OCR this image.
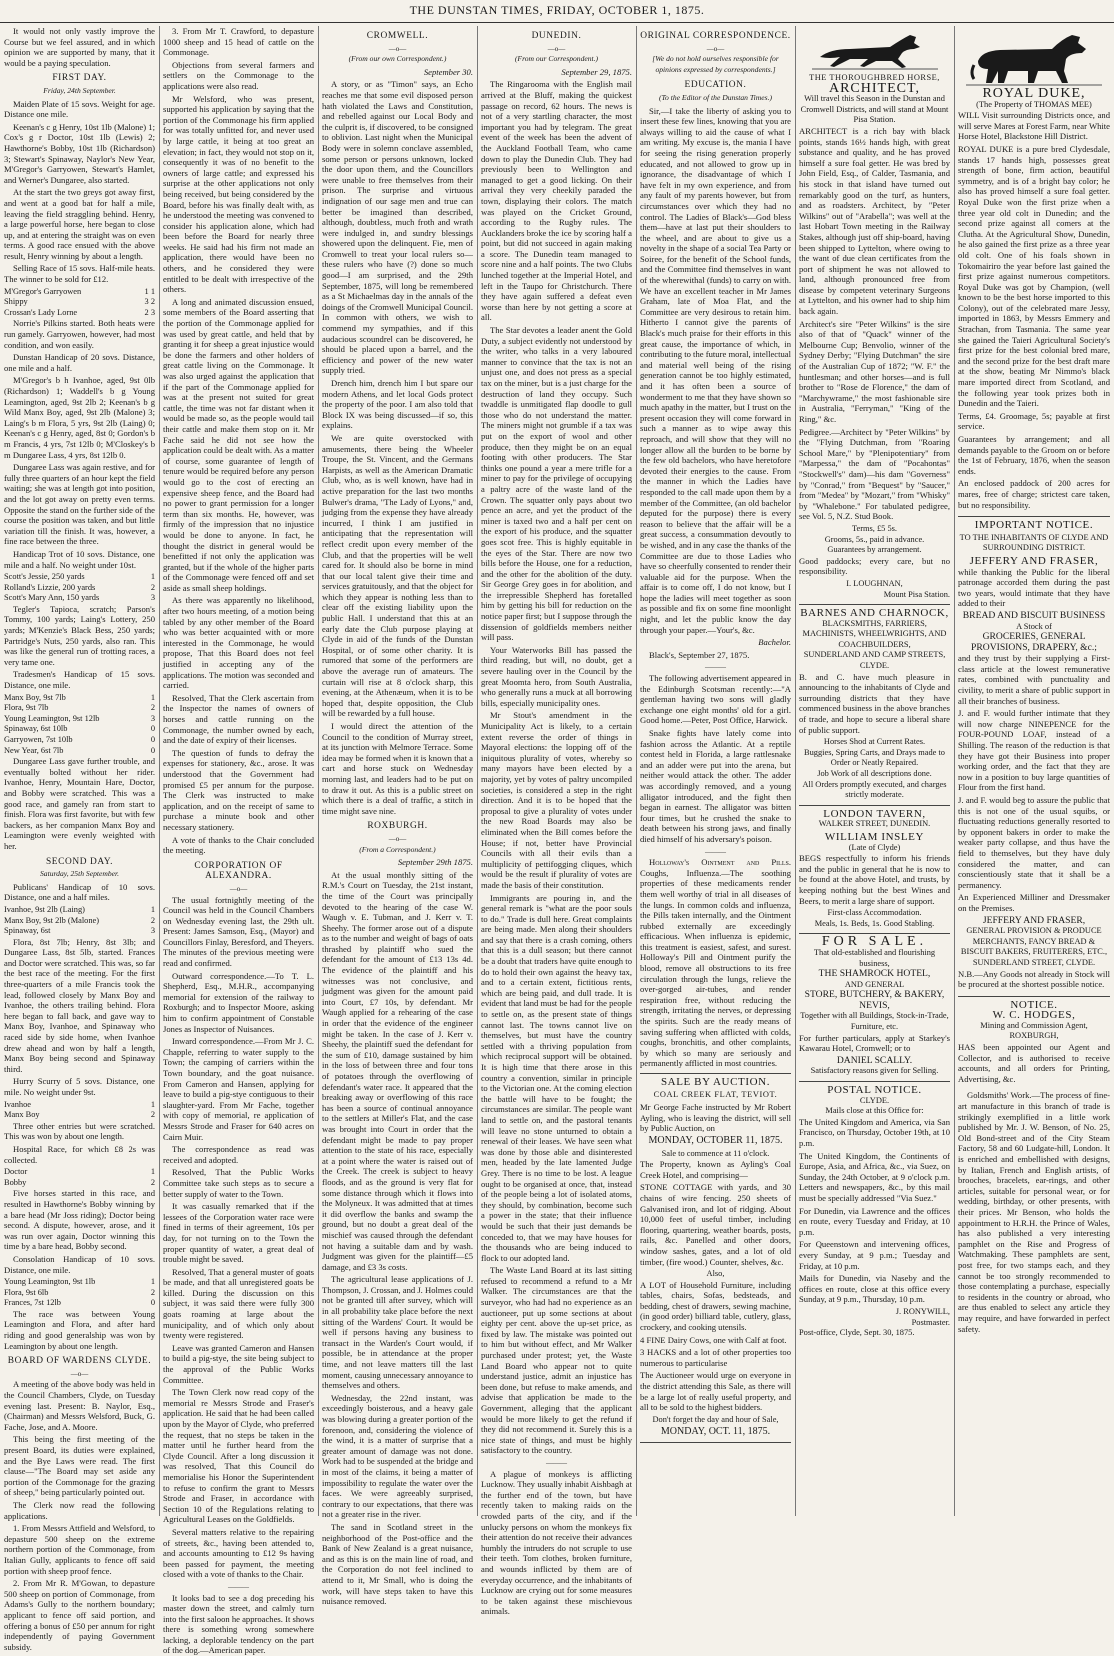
THE DUNSTAN TIMES, FRIDAY, OCTOBER 1, 1875.

It would not only vastly improve the Course but we feel assured, and in which opinion we are supported by many, that it would be a paying speculation.

FIRST DAY.
Friday, 24th September.

Maiden Plate of 15 sovs. Weight for age. Distance one mile.

Keenan's c g Henry, 10st 1lb (Malone) 1; Cox's g r Doctor, 10st 1lb (Lewis) 2; Hawthorne's Bobby, 10st 1lb (Richardson) 3; Stewart's Spinaway, Naylor's New Year, M'Gregor's Garryowen, Stewart's Hamlet, and Werner's Dungaree, also started.

At the start the two greys got away first, and went at a good bat for half a mile, leaving the field straggling behind. Henry, a large powerful horse, here began to close up, and at entering the straight was on even terms. A good race ensued with the above result, Henry winning by about a length.

Selling Race of 15 sovs. Half-mile heats. The winner to be sold for £12.

M'Gregor's Garryowen	1 1
Shippy	3 2
Crossan's Lady Lorne	2 3

Norrie's Pilkins started. Both heats were run gamely. Garryowen, however, had most condition, and won easily.

Dunstan Handicap of 20 sovs. Distance, one mile and a half.

M'Gregor's b h Ivanhoe, aged, 9st 0lb (Richardson) 1; Waddell's b g Young Leamington, aged, 9st 2lb 2; Keenan's b g Wild Manx Boy, aged, 9st 2lb (Malone) 3; Laing's b m Flora, 5 yrs, 9st 2lb (Laing) 0; Keenan's c g Henry, aged, 8st 0; Gordon's b m Francis, 4 yrs, 7st 12lb 0; M'Closkey's b m Dungaree Lass, 4 yrs, 8st 12lb 0.

Dungaree Lass was again restive, and for fully three quarters of an hour kept the field waiting; she was at length got into position, and the lot got away on pretty even terms. Opposite the stand on the further side of the course the position was taken, and but little variation till the finish. It was, however, a fine race between the three.

Handicap Trot of 10 sovs. Distance, one mile and a half. No weight under 10st.

Scott's Jessie, 250 yards	1
Rolland's Lizzie, 200 yards	2
Scott's Mary Ann, 150 yards	3

Tegler's Tapioca, scratch; Parson's Tommy, 100 yards; Laing's Lottery, 250 yards; M'Kenzie's Black Bess, 250 yards; Partridge's Nuts, 250 yards, also ran. This was like the general run of trotting races, a very tame one.

Tradesmen's Handicap of 15 sovs. Distance, one mile.

Manx Boy, 9st 7lb	1
Flora, 9st 7lb	2
Young Leamington, 9st 12lb	3
Spinaway, 6st 10lb	0
Garryowen, 7st 10lb	0
New Year, 6st 7lb	0

Dungaree Lass gave further trouble, and eventually bolted without her rider. Ivanhoe, Henry, Mountain Hare, Doctor, and Bobby were scratched. This was a good race, and gamely ran from start to finish. Flora was first favorite, but with few backers, as her companion Manx Boy and Leamington were evenly weighted with her.

SECOND DAY.
Saturday, 25th September.

Publicans' Handicap of 10 sovs. Distance, one and a half miles.

Ivanhoe, 9st 2lb (Laing)	1
Manx Boy, 9st 2lb (Malone)	2
Spinaway, 6st	3

Flora, 8st 7lb; Henry, 8st 3lb; and Dungaree Lass, 8st 5lb, started. Frances and Doctor were scratched. This was, so far the best race of the meeting. For the first three-quarters of a mile Francis took the lead, followed closely by Manx Boy and Ivanhoe, the others trailing behind. Flora here began to fall back, and gave way to Manx Boy, Ivanhoe, and Spinaway who raced side by side home, when Ivanhoe drew ahead and won by half a length, Manx Boy being second and Spinaway third.

Hurry Scurry of 5 sovs. Distance, one mile. No weight under 9st.

Ivanhoe	1
Manx Boy	2

Three other entries but were scratched. This was won by about one length.

Hospital Race, for which £8 2s was collected.

Doctor	1
Bobby	2

Five horses started in this race, and resulted in Hawthorne's Bobby winning by a bare head (Mr Joss riding); Doctor being second. A dispute, however, arose, and it was run over again, Doctor winning this time by a bare head, Bobby second.

Consolation Handicap of 10 sovs. Distance, one mile.

Young Leamington, 9st 1lb	1
Flora, 9st 6lb	2
Frances, 7st 12lb	0

The race was between Young Leamington and Flora, and after hard riding and good generalship was won by Leamington by about one length.

BOARD OF WARDENS CLYDE.
—o—

A meeting of the above body was held in the Council Chambers, Clyde, on Tuesday evening last. Present: B. Naylor, Esq., (Chairman) and Messrs Welsford, Buck, G. Fache, Jose, and A. Moore.

This being the first meeting of the present Board, its duties were explained, and the Bye Laws were read. The first clause—"The Board may set aside any portion of the Commonage for the grazing of sheep," being particularly pointed out.

The Clerk now read the following applications.

1. From Messrs Attfield and Welsford, to depasture 500 sheep on the extreme northern portion of the Commonage, from Italian Gully, applicants to fence off said portion with sheep proof fence.

2. From Mr R. M'Gowan, to depasture 500 sheep on portion of Commonage, from Adams's Gully to the northern boundary; applicant to fence off said portion, and offering a bonus of £50 per annum for right independently of paying Government subsidy.

3. From Mr T. Crawford, to depasture 1000 sheep and 15 head of cattle on the Commonage.

Objections from several farmers and settlers on the Commonage to the applications were also read.

Mr Welsford, who was present, supported his application by saying that the portion of the Commonage his firm applied for was totally unfitted for, and never used by large cattle, it being at too great an elevation; in fact, they would not stop on it, consequently it was of no benefit to the owners of large cattle; and expressed his surprise at the other applications not only being received, but being considered by the Board, before his was finally dealt with, as he understood the meeting was convened to consider his application alone, which had been before the Board for nearly three weeks. He said had his firm not made an application, there would have been no others, and he considered they were entitled to be dealt with irrespective of the others.

A long and animated discussion ensued, some members of the Board asserting that the portion of the Commonage applied for was used by great cattle, and held that by granting it for sheep a great injustice would be done the farmers and other holders of great cattle living on the Commonage. It was also urged against the application that if the part of the Commonage applied for was at the present not suited for great cattle, the time was not far distant when it would be made so, as the people would tail their cattle and make them stop on it. Mr Fache said he did not see how the application could be dealt with. As a matter of course, some guarantee of length of tenure would be required before any person would go to the cost of erecting an expensive sheep fence, and the Board had no power to grant permission for a longer term than six months. He, however, was firmly of the impression that no injustice would be done to anyone. In fact, he thought the district in general would be benefitted if not only the application was granted, but if the whole of the higher parts of the Commonage were fenced off and set aside as small sheep holdings.

As there was apparently no likelihood, after two hours meeting, of a motion being tabled by any other member of the Board who was better acquainted with or more interested in the Commonage, he would propose, That this Board does not feel justified in accepting any of the applications. The motion was seconded and carried.

Resolved, That the Clerk ascertain from the Inspector the names of owners of horses and cattle running on the Commonage, the number owned by each, and the date of expiry of their licenses.

The question of funds to defray the expenses for stationery, &c., arose. It was understood that the Government had promised £5 per annum for the purpose. The Clerk was instructed to make application, and on the receipt of same to purchase a minute book and other necessary stationery.

A vote of thanks to the Chair concluded the meeting.

CORPORATION OF ALEXANDRA.
—o—

The usual fortnightly meeting of the Council was held in the Council Chambers on Wednesday evening last, the 29th ult. Present: James Samson, Esq., (Mayor) and Councillors Finlay, Beresford, and Theyers. The minutes of the previous meeting were read and confirmed.

Outward correspondence.—To T. L. Shepherd, Esq., M.H.R., accompanying memorial for extension of the railway to Roxburgh; and to Inspector Moore, asking him to confirm appointment of Constable Jones as Inspector of Nuisances.

Inward correspondence.—From Mr J. C. Chapple, referring to water supply to the Town; the camping of carriers within the Town boundary, and the goat nuisance. From Cameron and Hansen, applying for leave to build a pig-stye contiguous to their slaughter-yard. From Mr Fache, together with copy of memorial, re application of Messrs Strode and Fraser for 640 acres on Cairn Muir.

The correspondence as read was received and adopted.

Resolved, That the Public Works Committee take such steps as to secure a better supply of water to the Town.

It was casually remarked that if the lessees of the Corporation water race were fined in terms of their agreement, 10s per day, for not turning on to the Town the proper quantity of water, a great deal of trouble might be saved.

Resolved, That a general muster of goats be made, and that all unregistered goats be killed. During the discussion on this subject, it was said there were fully 300 goats roaming at large about the municipality, and of which only about twenty were registered.

Leave was granted Cameron and Hansen to build a pig-stye, the site being subject to the approval of the Public Works Committee.

The Town Clerk now read copy of the memorial re Messrs Strode and Fraser's application. He said that he had been called upon by the Mayor of Clyde, who preferred the request, that no steps be taken in the matter until he further heard from the Clyde Council. After a long discussion it was resolved, That this Council do memorialise his Honor the Superintendent to refuse to confirm the grant to Messrs Strode and Fraser, in accordance with Section 10 of the Regulations relating to Agricultural Leases on the Goldfields.

Several matters relative to the repairing of streets, &c., having been attended to, and accounts amounting to £12 9s having been passed for payment, the meeting closed with a vote of thanks to the Chair.

———

It looks bad to see a dog preceding his master down the street, and calmly turn into the first saloon he approaches. It shows there is something wrong somewhere lacking, a deplorable tendency on the part of the dog.—American paper.

CROMWELL.
—o—
(From our own Correspondent.)
September 30.

A story, or as "Timon" says, an Echo reaches me that some evil disposed person hath violated the Laws and Constitution, and rebelled against our Local Body and the culprit is, if discovered, to be consigned to oblivion. Last night when the Municipal Body were in solemn conclave assembled, some person or persons unknown, locked the door upon them, and the Councillors were unable to free themselves from their prison. The surprise and virtuous indignation of our sage men and true can better be imagined than described, although, doubtless, much froth and wrath were indulged in, and sundry blessings showered upon the delinquent. Fie, men of Cromwell to treat your local rulers so—these rulers who have (?) done so much good—I am surprised, and the 29th September, 1875, will long be remembered as a St Michaelmas day in the annals of the doings of the Cromwell Municipal Council. In common with others, we wish to commend my sympathies, and if this audacious scoundrel can be discovered, he should be placed upon a barrel, and the efficiency and power of the new water supply tried.

Drench him, drench him I but spare our modern Athens, and let local Gods protect the property of the poor. I am also told that Block IX was being discussed—if so, this explains.

We are quite overstocked with amusements, there being the Wheeler Troupe, the St. Vincent, and the Germans Harpists, as well as the American Dramatic Club, who, as is well known, have had in active preparation for the last two months Bulwer's drama, "The Lady of Lyons," and, judging from the expense they have already incurred, I think I am justified in anticipating that the representation will reflect credit upon every member of the Club, and that the properties will be well cared for. It should also be borne in mind that our local talent give their time and services gratuitously, and that the object for which they appear is nothing less than to clear off the existing liability upon the public Hall. I understand that this at an early date the Club purpose playing at Clyde in aid of the funds of the Dunstan Hospital, or of some other charity. It is rumored that some of the performers are above the average run of amateurs. The curtain will rise at 8 o'clock sharp, this evening, at the Athenæum, when it is to be hoped that, despite opposition, the Club will be rewarded by a full house.

I would direct the attention of the Council to the condition of Murray street, at its junction with Melmore Terrace. Some idea may be formed when it is known that a cart and horse stuck on Wednesday morning last, and leaders had to be put on to draw it out. As this is a public street on which there is a deal of traffic, a stitch in time might save nine.

ROXBURGH.
—o—
(From a Correspondent.)
September 29th 1875.

At the usual monthly sitting of the R.M.'s Court on Tuesday, the 21st instant, the time of the Court was principally devoted to the hearing of the case W. Waugh v. E. Tubman, and J. Kerr v. T. Sheehy. The former arose out of a dispute as to the number and weight of bags of oats thrashed by plaintiff who sued the defendant for the amount of £13 13s 4d. The evidence of the plaintiff and his witnesses was not conclusive, and judgment was given for the amount paid into Court, £7 10s, by defendant. Mr Waugh applied for a rehearing of the case in order that the evidence of the engineer might be taken. In the case of J. Kerr v. Sheehy, the plaintiff sued the defendant for the sum of £10, damage sustained by him in the loss of between three and four tons of potatoes through the overflowing of defendant's water race. It appeared that the breaking away or overflowing of this race has been a source of continual annoyance to the settlers at Miller's Flat, and the case was brought into Court in order that the defendant might be made to pay proper attention to the state of his race, especially at a point where the water is raised out of the Creek. The creek is subject to heavy floods, and as the ground is very flat for some distance through which it flows into the Molyneux. It was admitted that at times it did overflow the banks and swamp the ground, but no doubt a great deal of the mischief was caused through the defendant not having a suitable dam and by wash. Judgment was given for the plaintiff—£5 damage, and £3 3s costs.

The agricultural lease applications of J. Thompson, J. Crossan, and J. Holmes could not be granted till after survey, which will in all probability take place before the next sitting of the Wardens' Court. It would be well if persons having any business to transact in the Warden's Court would, if possible, be in attendance at the proper time, and not leave matters till the last moment, causing unnecessary annoyance to themselves and others.

Wednesday, the 22nd instant, was exceedingly boisterous, and a heavy gale was blowing during a greater portion of the forenoon, and, considering the violence of the wind, it is a matter of surprise that a greater amount of damage was not done. Work had to be suspended at the bridge and in most of the claims, it being a matter of impossibility to regulate the water over the faces. We were agreeably surprised, contrary to our expectations, that there was not a greater rise in the river.

The sand in Scotland street in the neighborhood of the Post-office and the Bank of New Zealand is a great nuisance, and as this is on the main line of road, and the Corporation do not feel inclined to attend to it, Mr Small, who is doing the work, will have steps taken to have this nuisance removed.

DUNEDIN.
—o—
(From our Correspondent.)
September 29, 1875.

The Ringarooma with the English mail arrived at the Bluff, making the quickest passage on record, 62 hours. The news is not of a very startling character, the most important you had by telegram. The great event of the week has been the advent of the Auckland Football Team, who came down to play the Dunedin Club. They had previously been to Wellington and managed to get a good licking. On their arrival they very cheekily paraded the town, displaying their colors. The match was played on the Cricket Ground, according to the Rugby rules. The Aucklanders broke the ice by scoring half a point, but did not succeed in again making a score. The Dunedin team managed to score nine and a half points. The two Clubs lunched together at the Imperial Hotel, and left in the Taupo for Christchurch. There they have again suffered a defeat even worse than here by not getting a score at all.

The Star devotes a leader anent the Gold Duty, a subject evidently not understood by the writer, who talks in a very laboured manner to convince that the tax is not an unjust one, and does not press as a special tax on the miner, but is a just charge for the destruction of land they occupy. Such twaddle is unmitigated flap doodle to gull those who do not understand the matter. The miners might not grumble if a tax was put on the export of wool and other produce, then they might be on an equal footing with other producers. The Star thinks one pound a year a mere trifle for a miner to pay for the privilege of occupying a paltry acre of the waste land of the Crown. The squatter only pays about two pence an acre, and yet the product of the miner is taxed two and a half per cent on the export of his produce, and the squatter goes scot free. This is highly equitable in the eyes of the Star. There are now two bills before the House, one for a reduction, and the other for the abolition of the duty. Sir George Grey goes in for abolition, and the irrepressible Shepherd has foretalled him by getting his bill for reduction on the notice paper first; but I suppose through the dissension of goldfields members neither will pass.

Your Waterworks Bill has passed the third reading, but will, no doubt, get a severe hauling over in the Council by the great Moomta hero, from South Australia, who generally runs a muck at all borrowing bills, especially municipality ones.

Mr Stout's amendment in the Municipality Act is likely, to a certain extent reverse the order of things in Mayoral elections: the lopping off of the iniquitous plurality of votes, whereby so many mayors have been elected by a majority, yet by votes of paltry uncompiled societies, is considered a step in the right direction. And it is to be hoped that the proposal to give a plurality of votes under the new Road Boards may also be eliminated when the Bill comes before the House; if not, better have Provincial Councils with all their evils than a multiplicity of pettifogging cliques, which would be the result if plurality of votes are made the basis of their constitution.

Immigrants are pouring in, and the general remark is "what are the poor souls to do." Trade is dull here. Great complaints are being made. Men along their shoulders and say that there is a crash coming, others that this is a dull season; but there cannot be a doubt that traders have quite enough to do to hold their own against the heavy tax, and to a certain extent, fictitious rents, which are being paid, and dull trade. It is evident that land must be had for the people to settle on, as the present state of things cannot last. The towns cannot live on themselves, but must have the country settled with a thriving population from which reciprocal support will be obtained. It is high time that there arose in this country a convention, similar in principle to the Victorian one. At the coming election the battle will have to be fought; the circumstances are similar. The people want land to settle on, and the pastoral tenants will leave no stone unturned to obtain a renewal of their leases. We have seen what was done by those able and disinterested men, headed by the late lamented Judge Grey. There is no time to be lost. A league ought to be organised at once, that, instead of the people being a lot of isolated atoms, they should, by combination, become such a power in the state; that their influence would be such that their just demands be conceded to, that we may have houses for the thousands who are being induced to flock to our adopted land.

The Waste Land Board at its last sitting refused to recommend a refund to a Mr Walker. The circumstances are that the surveyor, who had had no experience as an auctioneer, put up some sections at about eighty per cent. above the up-set price, as fixed by law. The mistake was pointed out to him but without effect, and Mr Walker purchased under protest; yet, the Waste Land Board who appear not to quite understand justice, admit an injustice has been done, but refuse to make amends, and advise that application be made to the Government, alleging that the applicant would be more likely to get the refund if they did not recommend it. Surely this is a nice state of things, and must be highly satisfactory to the country.

———

A plague of monkeys is afflicting Lucknow. They usually inhabit Aishbagh at the further end of the town, but have recently taken to making raids on the crowded parts of the city, and if the unlucky persons on whom the monkeys fix their attention do not receive their advances humbly the intruders do not scruple to use their teeth. Tom clothes, broken furniture, and wounds inflicted by them are of everyday occurrence, and the inhabitants of Lucknow are crying out for some measures to be taken against these mischievous animals.

ORIGINAL CORRESPONDENCE.
—o—
[We do not hold ourselves responsible for opinions expressed by correspondents.]
EDUCATION.
(To the Editor of the Dunstan Times.)

Sir,—I take the liberty of asking you to insert these few lines, knowing that you are always willing to aid the cause of what I am writing. My excuse is, the mania I have for seeing the rising generation properly educated, and not allowed to grow up in ignorance, the disadvantage of which I have felt in my own experience, and from any fault of my parents however, but from circumstances over which they had no control. The Ladies of Black's—God bless them—have at last put their shoulders to the wheel, and are about to give us a novelty in the shape of a social Tea Party or Soiree, for the benefit of the School funds, and the Committee find themselves in want of the wherewithal (funds) to carry on with. We have an excellent teacher in Mr James Graham, late of Moa Flat, and the Committee are very desirous to retain him. Hitherto I cannot give the parents of Black's much praise for their efforts in this great cause, the importance of which, in contributing to the future moral, intellectual and material well being of the rising generation cannot be too highly estimated, and it has often been a source of wonderment to me that they have shown so much apathy in the matter, but I trust on the present occasion they will come forward in such a manner as to wipe away this reproach, and will show that they will no longer allow all the burden to be borne by the few old bachelors, who have heretofore devoted their energies to the cause. From the manner in which the Ladies have responded to the call made upon them by a member of the Committee, (an old bachelor deputed for the purpose) there is every reason to believe that the affair will be a great success, a consummation devoutly to be wished, and in any case the thanks of the Committee are due to those Ladies who have so cheerfully consented to render their valuable aid for the purpose. When the affair is to come off, I do not know, but I hope the ladies will meet together as soon as possible and fix on some fine moonlight night, and let the public know the day through your paper.—Your's, &c.

Bachelor.

Black's, September 27, 1875.

———

The following advertisement appeared in the Edinburgh Scotsman recently:—"A gentleman having two sons will gladly exchange one eight months' old for a girl. Good home.—Peter, Post Office, Harwick.

Snake fights have lately come into fashion across the Atlantic. At a reptile contest held in Florida, a large rattlesnake and an adder were put into the arena, but neither would attack the other. The adder was accordingly removed, and a young alligator introduced, and the fight then began in earnest. The alligator was bitten four times, but he crushed the snake to death between his strong jaws, and finally died himself of his adversary's poison.

———

Holloway's Ointment and Pills. Coughs, Influenza.—The soothing properties of these medicaments render them well worthy of trial in all diseases of the lungs. In common colds and influenza, the Pills taken internally, and the Ointment rubbed externally are exceedingly efficacious. When influenza is epidemic, this treatment is easiest, safest, and surest. Holloway's Pill and Ointment purify the blood, remove all obstructions to its free circulation through the lungs, relieve the over-gorged air-tubes, and render respiration free, without reducing the strength, irritating the nerves, or depressing the spirits. Such are the ready means of saving suffering when afflicted with colds, coughs, bronchitis, and other complaints, by which so many are seriously and permanently afflicted in most countries.

SALE BY AUCTION.
COAL CREEK FLAT, TEVIOT.

Mr George Fache instructed by Mr Robert Ayling, who is leaving the district, will sell by Public Auction, on

MONDAY, OCTOBER 11, 1875.
Sale to commence at 11 o'clock.

The Property, known as Ayling's Coal Creek Hotel, and comprising—

STONE COTTAGE with yards, and 30 chains of wire fencing. 250 sheets of Galvanised iron, and lot of ridging. About 10,000 feet of useful timber, including flooring, quartering, weather boards, posts, rails, &c. Panelled and other doors, window sashes, gates, and a lot of old timber, (fire wood.) Counter, shelves, &c.

Also,

A LOT of Household Furniture, including tables, chairs, Sofas, bedsteads, and bedding, chest of drawers, sewing machine, (in good order) billiard table, cutlery, glass, crockery, and cooking utensils.

4 FINE Dairy Cows, one with Calf at foot.

3 HACKS and a lot of other properties too numerous to particularise

The Auctioneer would urge on everyone in the district attending this Sale, as there will be a large lot of really useful property, and all to be sold to the highest bidders.

Don't forget the day and hour of Sale,
MONDAY, OCT. 11, 1875.
THE THOROUGHBRED HORSE,
ARCHITECT,
Will travel this Season in the Dunstan and Cromwell Districts, and will stand at Mount Pisa Station.

ARCHITECT is a rich bay with black points, stands 16½ hands high, with great substance and quality, and he has proved himself a sure foal getter. He was bred by John Field, Esq., of Calder, Tasmania, and his stock in that island have turned out remarkably good on the turf, as hunters, and as roadsters. Architect, by "Peter Wilkins" out of "Arabella"; was well at the last Hobart Town meeting in the Railway Stakes, although just off ship-board, having been shipped to Lyttelton, where owing to the want of due clean certificates from the port of shipment he was not allowed to land, although pronounced free from disease by competent veterinary Surgeons at Lyttelton, and his owner had to ship him back again.

Architect's sire "Peter Wilkins" is the sire also of that of "Quack" winner of the Melbourne Cup; Benvolio, winner of the Sydney Derby; "Flying Dutchman" the sire of the Australian Cup of 1872; "W. F." the huntlesman; and other horses—and is full brother to "Rose de Florence," the dam of "Marchywrame," the most fashionable sire in Australia, "Ferryman," "King of the Ring," &c.

Pedigree.—Architect by "Peter Wilkins" by the "Flying Dutchman, from "Roaring School Mare," by "Plenipotentiary" from "Marpessa," the dam of "Pocahontas" "Stockwell's" dam)—his dam "Governess" by "Conrad," from "Bequest" by "Saucer," from "Medea" by "Mozart," from "Whisky" by "Whalebone." For tabulated pedigree, see Vol. 5, N.Z. Stud Book.

Terms, £5 5s.
Grooms, 5s., paid in advance.
Guarantees by arrangement.

Good paddocks; every care, but no responsibility.

I. LOUGHNAN,
Mount Pisa Station.
BARNES AND CHARNOCK,
BLACKSMITHS, FARRIERS, MACHINISTS, WHEELWRIGHTS, AND COACHBUILDERS,
SUNDERLAND AND CAMP STREETS, CLYDE.

B. and C. have much pleasure in announcing to the inhabitants of Clyde and surrounding districts that they have commenced business in the above branches of trade, and hope to secure a liberal share of public support.

Horses Shod at Current Rates.
Buggies, Spring Carts, and Drays made to Order or Neatly Repaired.
Job Work of all descriptions done.
All Orders promptly executed, and charges strictly moderate.
LONDON TAVERN,
WALKER STREET, DUNEDIN.
WILLIAM INSLEY
(Late of Clyde)

BEGS respectfully to inform his friends and the public in general that he is now to be found at the above Hotel, and trusts, by keeping nothing but the best Wines and Beers, to merit a large share of support.

First-class Accommodation.
Meals, 1s. Beds, 1s. Good Stabling.
FOR SALE.
That old-established and flourishing business,
THE SHAMROCK HOTEL,
AND GENERAL
STORE, BUTCHERY, & BAKERY, NEVIS,
Together with all Buildings, Stock-in-Trade, Furniture, etc.

For further particulars, apply at Starkey's Kawarau Hotel, Cromwell; or to

DANIEL SCALLY.
Satisfactory reasons given for Selling.
POSTAL NOTICE.
CLYDE.
Mails close at this Office for:

The United Kingdom and America, via San Francisco, on Thursday, October 19th, at 10 p.m.

The United Kingdom, the Continents of Europe, Asia, and Africa, &c., via Suez, on Sunday, the 24th October, at 9 o'clock p.m. Letters and newspapers, &c., by this mail must be specially addressed "Via Suez."

For Dunedin, via Lawrence and the offices en route, every Tuesday and Friday, at 10 p.m.

For Queenstown and intervening offices, every Sunday, at 9 p.m.; Tuesday and Friday, at 10 p.m.

Mails for Dunedin, via Naseby and the offices en route, close at this office every Sunday, at 9 p.m., Thursday, 10 p.m.

J. RONYWILL,
Postmaster.
Post-office, Clyde, Sept. 30, 1875.
ROYAL DUKE,
(The Property of THOMAS MEE)

WILL Visit surrounding Districts once, and will serve Mares at Forest Farm, near White Horse Hotel, Blackstone Hill District.

ROYAL DUKE is a pure bred Clydesdale, stands 17 hands high, possesses great strength of bone, firm action, beautiful symmetry, and is of a bright bay color; he also has proved himself a sure foal getter. Royal Duke won the first prize when a three year old colt in Dunedin; and the second prize against all comers at the Clutha. At the Agricultural Show, Dunedin, he also gained the first prize as a three year old colt. One of his foals shown in Tokomairiro the year before last gained the first prize against numerous competitors. Royal Duke was got by Champion, (well known to be the best horse imported to this Colony), out of the celebrated mare Jessy, imported in 1863, by Messrs Emmery and Strachan, from Tasmania. The same year she gained the Taieri Agricultural Society's first prize for the best colonial bred mare, and the second prize for the best draft mare at the show, beating Mr Nimmo's black mare imported direct from Scotland, and the following year took prizes both in Dunedin and the Taieri.

Terms, £4. Groomage, 5s; payable at first service.

Guarantees by arrangement; and all demands payable to the Groom on or before the 1st of February, 1876, when the season ends.

An enclosed paddock of 200 acres for mares, free of charge; strictest care taken, but no responsibility.

IMPORTANT NOTICE.
TO THE INHABITANTS OF CLYDE AND SURROUNDING DISTRICT.
JEFFERY AND FRASER,

while thanking the Public for the liberal patronage accorded them during the past two years, would intimate that they have added to their

BREAD AND BISCUIT BUSINESS
A Stock of
GROCERIES, GENERAL PROVISIONS, DRAPERY, &c.;

and they trust by their supplying a First-class article at the lowest remunerative rates, combined with punctuality and civility, to merit a share of public support in all their branches of business.

J. and F. would further intimate that they will now charge NINEPENCE for the FOUR-POUND LOAF, instead of a Shilling. The reason of the reduction is that they have got their Business into proper working order, and the fact that they are now in a position to buy large quantities of Flour from the first hand.

J. and F. would beg to assure the public that this is not one of the usual squibs, or fluctuating reductions generally resorted to by opponent bakers in order to make the weaker party collapse, and thus have the field to themselves, but they have duly considered the matter, and can conscientiously state that it shall be a permanency.

An Experienced Milliner and Dressmaker on the Premises.

JEFFERY AND FRASER,
GENERAL PROVISION & PRODUCE MERCHANTS, FANCY BREAD & BISCUIT BAKERS, FRUITERERS, ETC.,
SUNDERLAND STREET, CLYDE.

N.B.—Any Goods not already in Stock will be procured at the shortest possible notice.

NOTICE.
W. C. HODGES,
Mining and Commission Agent, ROXBURGH,

HAS been appointed our Agent and Collector, and is authorised to receive accounts, and all orders for Printing, Advertising, &c.

Goldsmiths' Work.—The process of fine-art manufacture in this branch of trade is strikingly exemplified in a little work published by Mr. J. W. Benson, of No. 25, Old Bond-street and of the City Steam Factory, 58 and 60 Ludgate-hill, London. It is enriched and embellished with designs, by Italian, French and English artists, of brooches, bracelets, ear-rings, and other articles, suitable for personal wear, or for wedding, birthday, or other presents, with their prices. Mr Benson, who holds the appointment to H.R.H. the Prince of Wales, has also published a very interesting pamphlet on the Rise and Progress of Watchmaking. These pamphlets are sent, post free, for two stamps each, and they cannot be too strongly recommended to those contemplating a purchase, especially to residents in the country or abroad, who are thus enabled to select any article they may require, and have forwarded in perfect safety.
